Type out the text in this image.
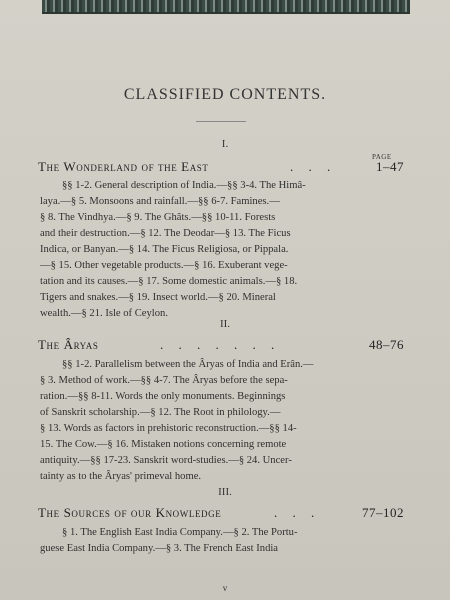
CLASSIFIED CONTENTS.
I.
PAGE
The Wonderland of the East	. . .	1–47
§§ 1-2. General description of India.—§§ 3-4. The Himâ-
laya.—§ 5. Monsoons and rainfall.—§§ 6-7. Famines.—
§ 8. The Vindhya.—§ 9. The Ghâts.—§§ 10-11. Forests
and their destruction.—§ 12. The Deodar—§ 13. The Ficus
Indica, or Banyan.—§ 14. The Ficus Religiosa, or Pippala.
—§ 15. Other vegetable products.—§ 16. Exuberant vege-
tation and its causes.—§ 17. Some domestic animals.—§ 18.
Tigers and snakes.—§ 19. Insect world.—§ 20. Mineral
wealth.—§ 21. Isle of Ceylon.
II.
The Âryas	. . . . . . .	48–76
§§ 1-2. Parallelism between the Âryas of India and Erân.—
§ 3. Method of work.—§§ 4-7. The Âryas before the sepa-
ration.—§§ 8-11. Words the only monuments. Beginnings
of Sanskrit scholarship.—§ 12. The Root in philology.—
§ 13. Words as factors in prehistoric reconstruction.—§§ 14-
15. The Cow.—§ 16. Mistaken notions concerning remote
antiquity.—§§ 17-23. Sanskrit word-studies.—§ 24. Uncer-
tainty as to the Âryas' primeval home.
III.
The Sources of our Knowledge	. . .	77–102
§ 1. The English East India Company.—§ 2. The Portu-
guese East India Company.—§ 3. The French East India
v
